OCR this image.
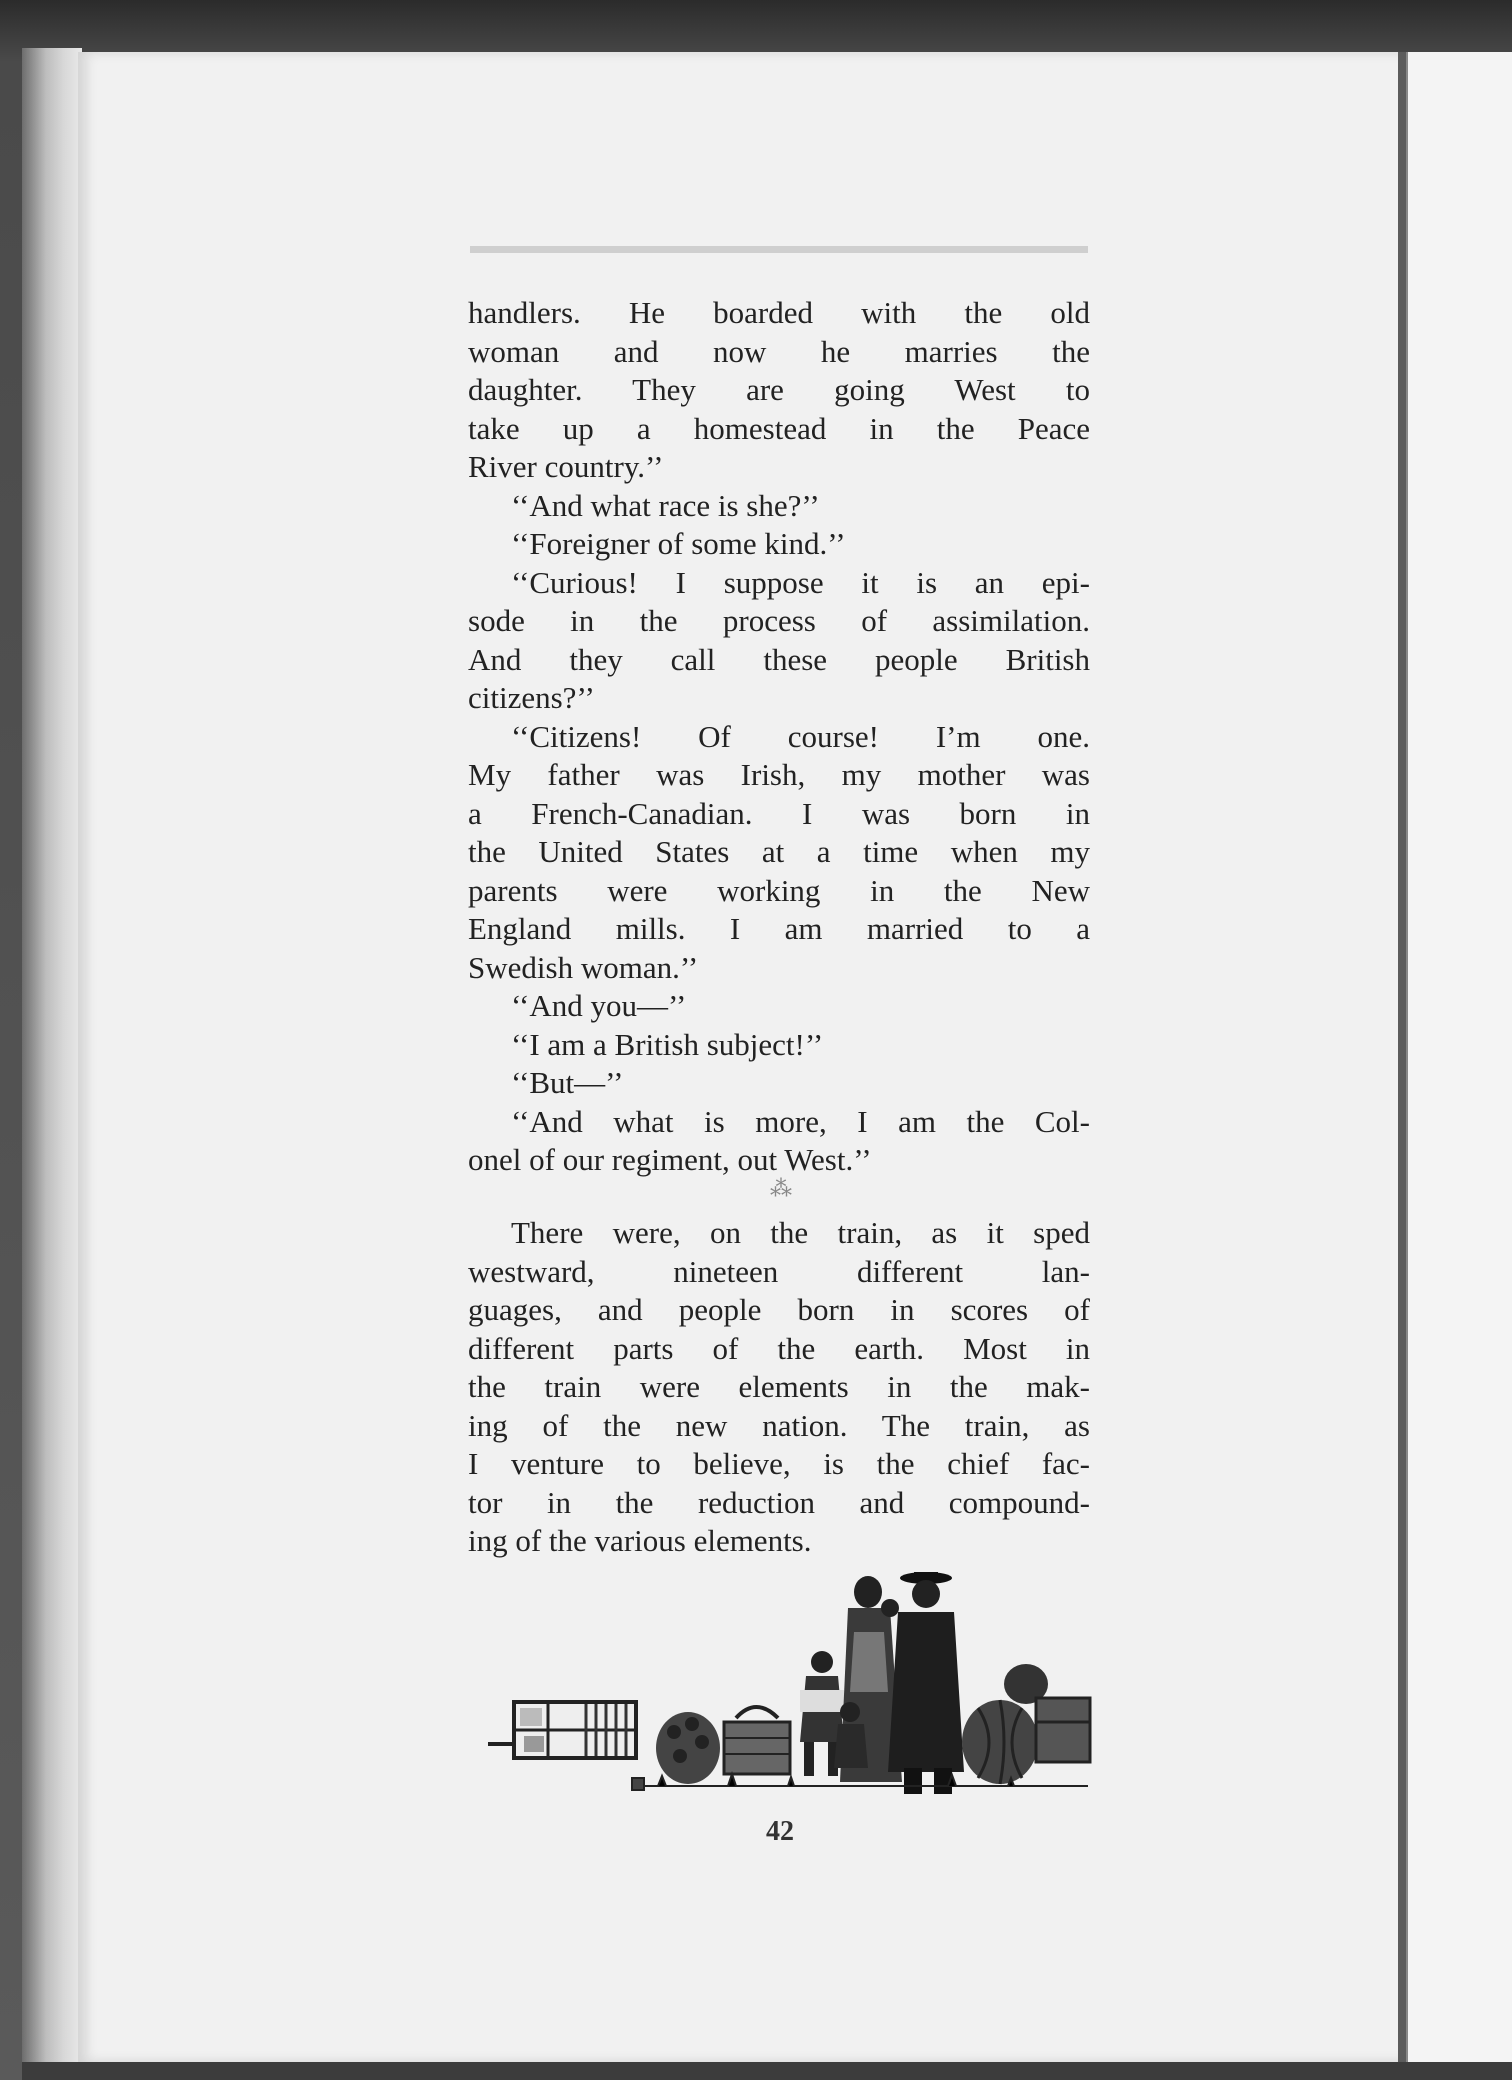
handlers. He boarded with the old
woman and now he marries the
daughter. They are going West to
take up a homestead in the Peace
River country.’’
‘‘And what race is she?’’
‘‘Foreigner of some kind.’’
‘‘Curious! I suppose it is an epi-
sode in the process of assimilation.
And they call these people British
citizens?’’
‘‘Citizens! Of course! I’m one.
My father was Irish, my mother was
a French-Canadian. I was born in
the United States at a time when my
parents were working in the New
England mills. I am married to a
Swedish woman.’’
‘‘And you—’’
‘‘I am a British subject!’’
‘‘But—’’
‘‘And what is more, I am the Col-
onel of our regiment, out West.’’
⁂
There were, on the train, as it sped
westward, nineteen different lan-
guages, and people born in scores of
different parts of the earth. Most in
the train were elements in the mak-
ing of the new nation. The train, as
I venture to believe, is the chief fac-
tor in the reduction and compound-
ing of the various elements.
42
